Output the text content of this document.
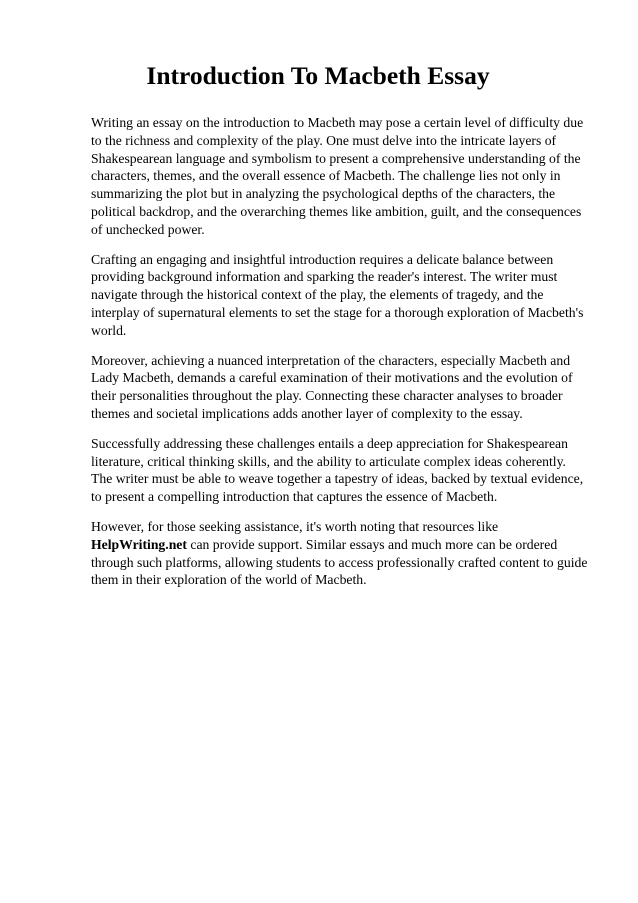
Introduction To Macbeth Essay

Writing an essay on the introduction to Macbeth may pose a certain level of difficulty due to the richness and complexity of the play. One must delve into the intricate layers of Shakespearean language and symbolism to present a comprehensive understanding of the characters, themes, and the overall essence of Macbeth. The challenge lies not only in summarizing the plot but in analyzing the psychological depths of the characters, the political backdrop, and the overarching themes like ambition, guilt, and the consequences of unchecked power.

Crafting an engaging and insightful introduction requires a delicate balance between providing background information and sparking the reader's interest. The writer must navigate through the historical context of the play, the elements of tragedy, and the interplay of supernatural elements to set the stage for a thorough exploration of Macbeth's world.

Moreover, achieving a nuanced interpretation of the characters, especially Macbeth and Lady Macbeth, demands a careful examination of their motivations and the evolution of their personalities throughout the play. Connecting these character analyses to broader themes and societal implications adds another layer of complexity to the essay.

Successfully addressing these challenges entails a deep appreciation for Shakespearean literature, critical thinking skills, and the ability to articulate complex ideas coherently. The writer must be able to weave together a tapestry of ideas, backed by textual evidence, to present a compelling introduction that captures the essence of Macbeth.

However, for those seeking assistance, it's worth noting that resources like HelpWriting.net can provide support. Similar essays and much more can be ordered through such platforms, allowing students to access professionally crafted content to guide them in their exploration of the world of Macbeth.
